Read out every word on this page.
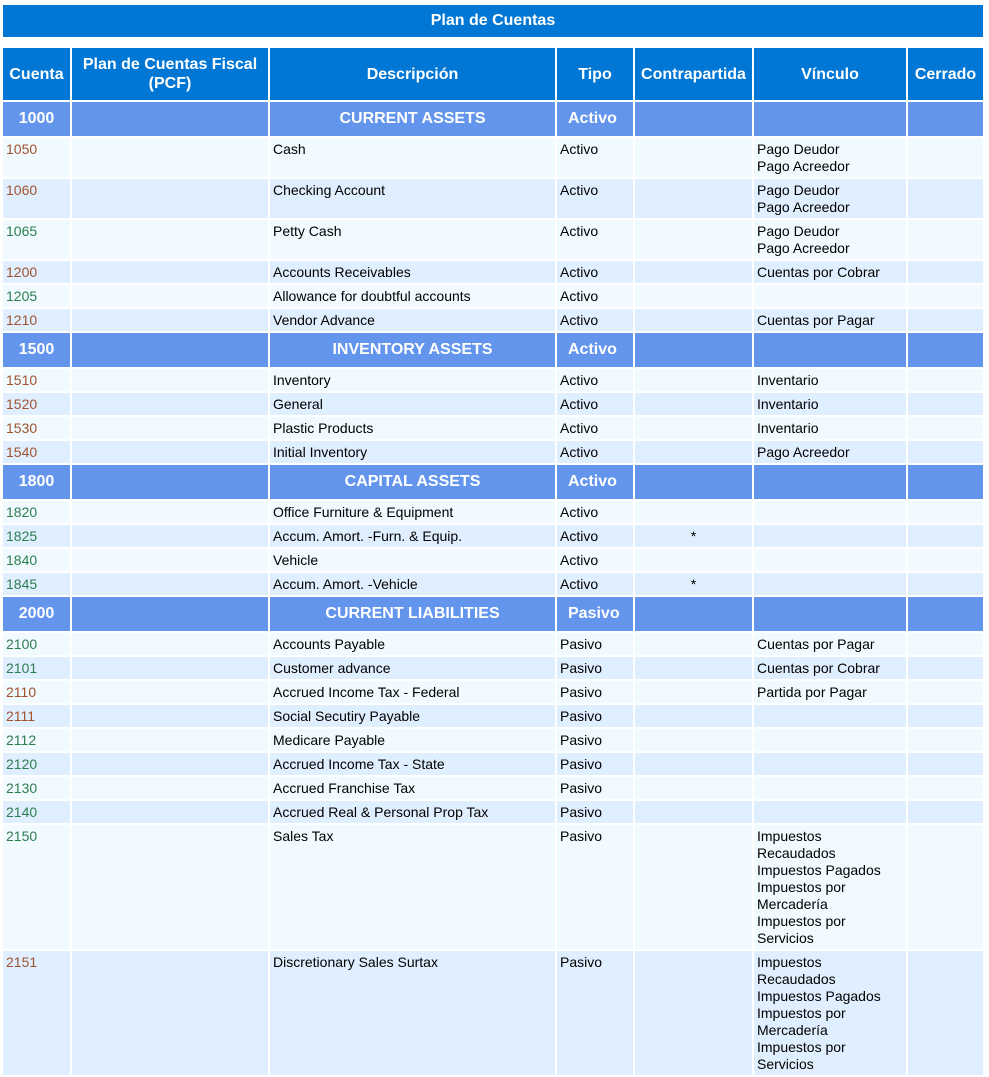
Plan de Cuentas
Cuenta	Plan de Cuentas Fiscal (PCF)	Descripción	Tipo	Contrapartida	Vínculo	Cerrado
1000		CURRENT ASSETS	Activo			
1050		Cash	Activo		Pago Deudor
Pago Acreedor	

1060		Checking Account	Activo		Pago Deudor
Pago Acreedor	

1065		Petty Cash	Activo		Pago Deudor
Pago Acreedor	

1200		Accounts Receivables	Activo		Cuentas por Cobrar	

1205		Allowance for doubtful accounts	Activo			
1210		Vendor Advance	Activo		Cuentas por Pagar	

1500		INVENTORY ASSETS	Activo			
1510		Inventory	Activo		Inventario	

1520		General	Activo		Inventario	

1530		Plastic Products	Activo		Inventario	

1540		Initial Inventory	Activo		Pago Acreedor	

1800		CAPITAL ASSETS	Activo			
1820		Office Furniture & Equipment	Activo			
1825		Accum. Amort. -Furn. & Equip.	Activo	*		
1840		Vehicle	Activo			
1845		Accum. Amort. -Vehicle	Activo	*		
2000		CURRENT LIABILITIES	Pasivo			
2100		Accounts Payable	Pasivo		Cuentas por Pagar	

2101		Customer advance	Pasivo		Cuentas por Cobrar	

2110		Accrued Income Tax - Federal	Pasivo		Partida por Pagar	

2111		Social Secutiry Payable	Pasivo			
2112		Medicare Payable	Pasivo			
2120		Accrued Income Tax - State	Pasivo			
2130		Accrued Franchise Tax	Pasivo			
2140		Accrued Real & Personal Prop Tax	Pasivo			
2150		Sales Tax	Pasivo		Impuestos Recaudados
Impuestos Pagados
Impuestos por Mercadería
Impuestos por Servicios	

2151		Discretionary Sales Surtax	Pasivo		Impuestos Recaudados
Impuestos Pagados
Impuestos por Mercadería
Impuestos por Servicios	
